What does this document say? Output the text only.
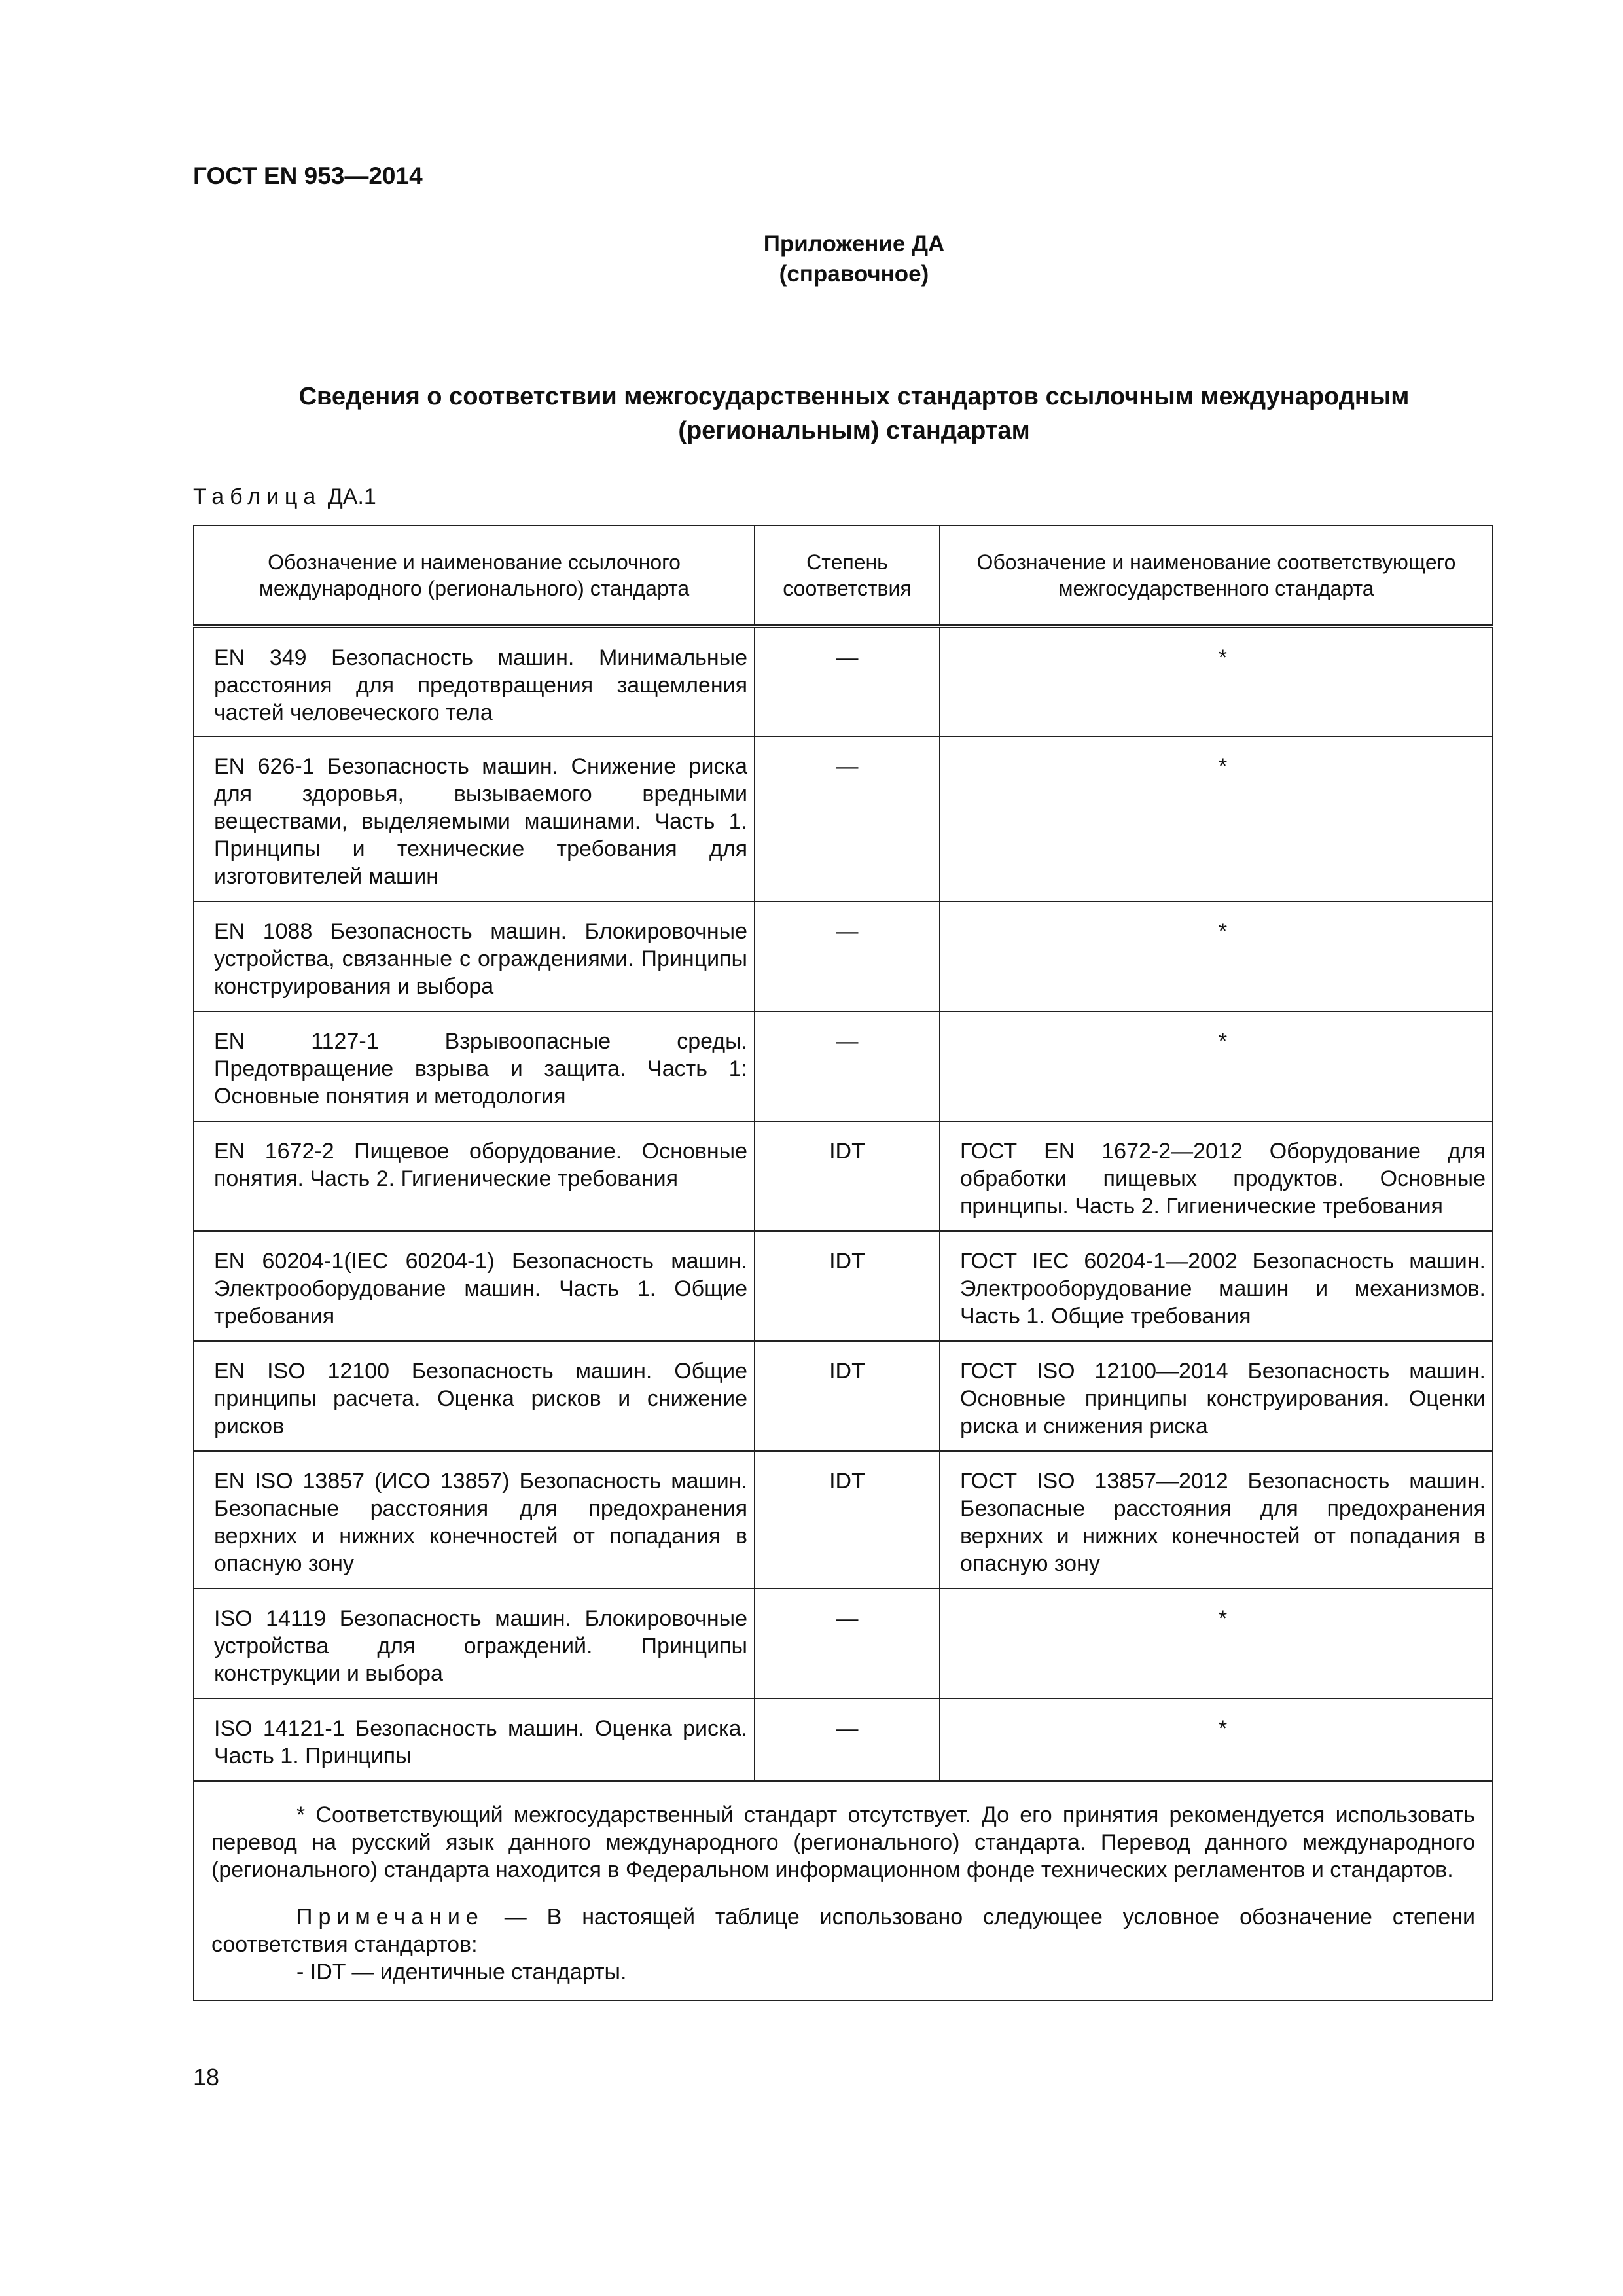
ГОСТ EN 953—2014
Приложение ДА
(справочное)
Сведения о соответствии межгосударственных стандартов ссылочным международным
(региональным) стандартам
Таблица ДА.1
Обозначение и наименование ссылочного международного (регионального) стандарта	Степень соответствия	Обозначение и наименование соответствующего межгосударственного стандарта
EN 349 Безопасность машин. Минимальные расстояния для предотвращения защемления частей человеческого тела	—	*
EN 626-1 Безопасность машин. Снижение риска для здоровья, вызываемого вредными веществами, выделяемыми машинами. Часть 1. Принципы и технические требования для изготовителей машин	—	*
EN 1088 Безопасность машин. Блокировочные устройства, связанные с ограждениями. Принципы конструирования и выбора	—	*
EN 1127-1 Взрывоопасные среды. Предотвращение взрыва и защита. Часть 1: Основные понятия и методология	—	*
EN 1672-2 Пищевое оборудование. Основные понятия. Часть 2. Гигиенические требования	IDT	ГОСТ EN 1672-2—2012 Оборудование для обработки пищевых продуктов. Основные принципы. Часть 2. Гигиенические требования
EN 60204-1(IEC 60204-1) Безопасность машин. Электрооборудование машин. Часть 1. Общие требования	IDT	ГОСТ IEC 60204-1—2002 Безопасность машин. Электрооборудование машин и механизмов. Часть 1. Общие требования
EN ISO 12100 Безопасность машин. Общие принципы расчета. Оценка рисков и снижение рисков	IDT	ГОСТ ISO 12100—2014 Безопасность машин. Основные принципы конструирования. Оценки риска и снижения риска
EN ISO 13857 (ИСО 13857) Безопасность машин. Безопасные расстояния для предохранения верхних и нижних конечностей от попадания в опасную зону	IDT	ГОСТ ISO 13857—2012 Безопасность машин. Безопасные расстояния для предохранения верхних и нижних конечностей от попадания в опасную зону
ISO 14119 Безопасность машин. Блокировочные устройства для ограждений. Принципы конструкции и выбора	—	*
ISO 14121-1 Безопасность машин. Оценка риска. Часть 1. Принципы	—	*

* Соответствующий межгосударственный стандарт отсутствует. До его принятия рекомендуется использовать перевод на русский язык данного международного (регионального) стандарта. Перевод данного международного (регионального) стандарта находится в Федеральном информационном фонде технических регламентов и стандартов.

Примечание — В настоящей таблице использовано следующее условное обозначение степени соответствия стандартов:

- IDT — идентичные стандарты.		

18
